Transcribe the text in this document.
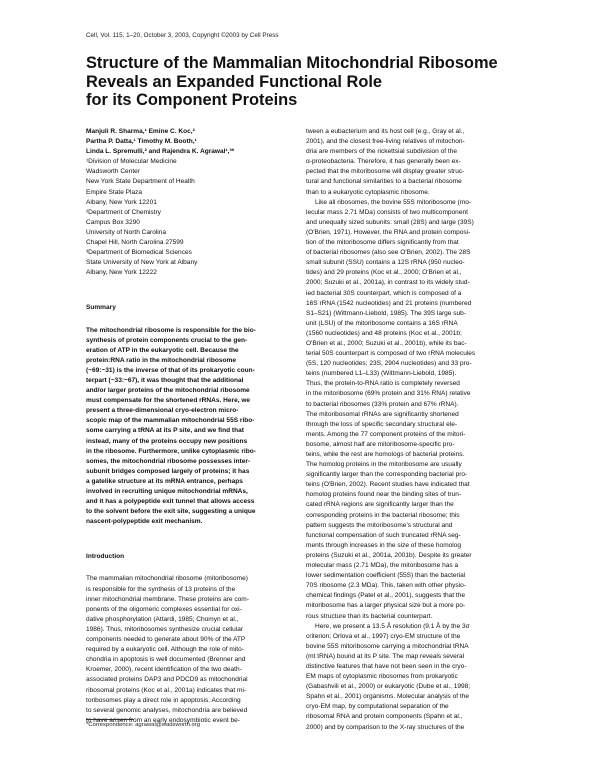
Cell, Vol. 115, 1–20, October 3, 2003, Copyright ©2003 by Cell Press
Structure of the Mammalian Mitochondrial Ribosome
Reveals an Expanded Functional Role
for its Component Proteins
Manjuli R. Sharma,¹ Emine C. Koc,²
Partha P. Datta,¹ Timothy M. Booth,¹
Linda L. Spremulli,² and Rajendra K. Agrawal¹,³*
¹Division of Molecular Medicine
Wadsworth Center
New York State Department of Health
Empire State Plaza
Albany, New York 12201
²Department of Chemistry
Campus Box 3290
University of North Carolina
Chapel Hill, North Carolina 27599
³Department of Biomedical Sciences
State University of New York at Albany
Albany, New York 12222
Summary
The mitochondrial ribosome is responsible for the bio-
synthesis of protein components crucial to the gen-
eration of ATP in the eukaryotic cell. Because the
protein:RNA ratio in the mitochondrial ribosome
(~69:~31) is the inverse of that of its prokaryotic coun-
terpart (~33:~67), it was thought that the additional
and/or larger proteins of the mitochondrial ribosome
must compensate for the shortened rRNAs. Here, we
present a three-dimensional cryo-electron micro-
scopic map of the mammalian mitochondrial 55S ribo-
some carrying a tRNA at its P site, and we find that
instead, many of the proteins occupy new positions
in the ribosome. Furthermore, unlike cytoplasmic ribo-
somes, the mitochondrial ribosome possesses inter-
subunit bridges composed largely of proteins; it has
a gatelike structure at its mRNA entrance, perhaps
involved in recruiting unique mitochondrial mRNAs,
and it has a polypeptide exit tunnel that allows access
to the solvent before the exit site, suggesting a unique
nascent-polypeptide exit mechanism.
Introduction
The mammalian mitochondrial ribosome (mitoribosome)
is responsible for the synthesis of 13 proteins of the
inner mitochondrial membrane. These proteins are com-
ponents of the oligomeric complexes essential for oxi-
dative phosphorylation (Attardi, 1985; Chomyn et al.,
1986). Thus, mitoribosomes synthesize crucial cellular
components needed to generate about 90% of the ATP
required by a eukaryotic cell. Although the role of mito-
chondria in apoptosis is well documented (Brenner and
Kroemer, 2000), recent identification of the two death-
associated proteins DAP3 and PDCD9 as mitochondrial
ribosomal proteins (Koc et al., 2001a) indicates that mi-
toribosomes play a direct role in apoptosis. According
to several genomic analyses, mitochondria are believed
to have arisen from an early endosymbiotic event be-
tween a eubacterium and its host cell (e.g., Gray et al.,
2001), and the closest free-living relatives of mitochon-
dria are members of the rickettsial subdivision of the
α-proteobacteria. Therefore, it has generally been ex-
pected that the mitoribosome will display greater struc-
tural and functional similarities to a bacterial ribosome
than to a eukaryotic cytoplasmic ribosome.
Like all ribosomes, the bovine 55S mitoribosome (mo-
lecular mass 2.71 MDa) consists of two multicomponent
and unequally sized subunits: small (28S) and large (39S)
(O'Brien, 1971). However, the RNA and protein composi-
tion of the mitoribosome differs significantly from that
of bacterial ribosomes (also see O'Brien, 2002). The 28S
small subunit (SSU) contains a 12S rRNA (950 nucleo-
tides) and 29 proteins (Koc et al., 2000; O'Brien et al.,
2000; Suzuki et al., 2001a), in contrast to its widely stud-
ied bacterial 30S counterpart, which is composed of a
16S rRNA (1542 nucleotides) and 21 proteins (numbered
S1–S21) (Wittmann-Liebold, 1985). The 39S large sub-
unit (LSU) of the mitoribosome contains a 16S rRNA
(1560 nucleotides) and 48 proteins (Koc et al., 2001b;
O'Brien et al., 2000; Suzuki et al., 2001b), while its bac-
terial 50S counterpart is composed of two rRNA molecules
(5S, 120 nucleotides; 23S, 2904 nucleotides) and 33 pro-
teins (numbered L1–L33) (Wittmann-Liebold, 1985).
Thus, the protein-to-RNA ratio is completely reversed
in the mitoribosome (69% protein and 31% RNA) relative
to bacterial ribosomes (33% protein and 67% rRNA).
The mitoribosomal rRNAs are significantly shortened
through the loss of specific secondary structural ele-
ments. Among the 77 component proteins of the mitori-
bosome, almost half are mitoribosome-specific pro-
teins, while the rest are homologs of bacterial proteins.
The homolog proteins in the mitoribosome are usually
significantly larger than the corresponding bacterial pro-
teins (O'Brien, 2002). Recent studies have indicated that
homolog proteins found near the binding sites of trun-
cated rRNA regions are significantly larger than the
corresponding proteins in the bacterial ribosome; this
pattern suggests the mitoribosome's structural and
functional compensation of such truncated rRNA seg-
ments through increases in the size of these homolog
proteins (Suzuki et al., 2001a, 2001b). Despite its greater
molecular mass (2.71 MDa), the mitoribosome has a
lower sedimentation coefficient (55S) than the bacterial
70S ribosome (2.3 MDa). This, taken with other physio-
chemical findings (Patel et al., 2001), suggests that the
mitoribosome has a larger physical size but a more po-
rous structure than its bacterial counterpart.
Here, we present a 13.5 Å resolution (9.1 Å by the 3σ
criterion; Orlova et al., 1997) cryo-EM structure of the
bovine 55S mitoribosome carrying a mitochondrial tRNA
(mt tRNA) bound at its P site. The map reveals several
distinctive features that have not been seen in the cryo-
EM maps of cytoplasmic ribosomes from prokaryotic
(Gabashvili et al., 2000) or eukaryotic (Dube et al., 1998;
Spahn et al., 2001) organisms. Molecular analysis of the
cryo-EM map, by computational separation of the
ribosomal RNA and protein components (Spahn et al.,
2000) and by comparison to the X-ray structures of the
*Correspondence: agrawal@wadsworth.org
